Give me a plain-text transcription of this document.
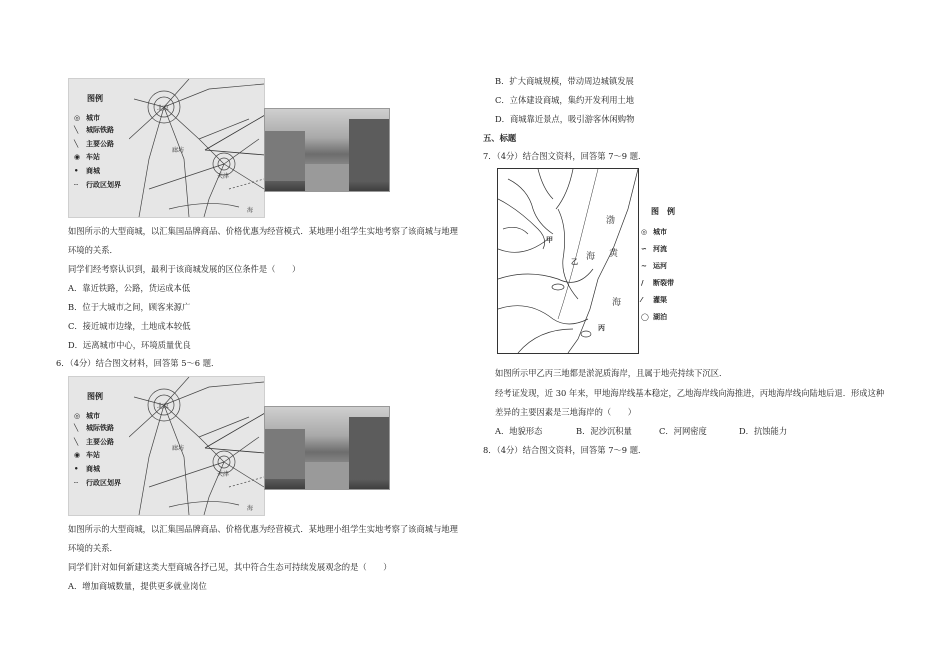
图例
◎ 城市
╲ 城际铁路
╲ 主要公路
◉ 车站
• 商城
┄ 行政区划界
北京
廊坊
天津
海
如图所示的大型商城，以汇集国品牌商品、价格优惠为经营模式．某地理小组学生实地考察了该商城与地理
环境的关系．
同学们经考察认识到，最利于该商城发展的区位条件是（　　）
A．靠近铁路，公路，货运成本低
B．位于大城市之间，顾客来源广
C．接近城市边缘，土地成本较低
D．远离城市中心，环境质量优良
6．（4分）结合图文材料，回答第 5～6 题．
图例
◎ 城市
╲ 城际铁路
╲ 主要公路
◉ 车站
• 商城
┄ 行政区划界
北京
廊坊
天津
海
如图所示的大型商城，以汇集国品牌商品、价格优惠为经营模式．某地理小组学生实地考察了该商城与地理
环境的关系．
同学们针对如何新建这类大型商城各抒己见，其中符合生态可持续发展观念的是（　　）
A．增加商城数量，提供更多就业岗位
B．扩大商城规模，带动周边城镇发展
C．立体建设商城，集约开发利用土地
D．商城靠近景点，吸引游客休闲购物
五、标题
7．（4分）结合图文资料，回答第 7～9 题．
渤
海
甲
乙
丙
黄
海
图　例
◎ 城市
∽ 河流
~ 运河
/ 断裂带
⁄ 灌渠
◯ 湖泊
如图所示甲乙丙三地都是淤泥质海岸，且属于地壳持续下沉区．
经考证发现，近 30 年来，甲地海岸线基本稳定，乙地海岸线向海推进，丙地海岸线向陆地后退．形成这种
差异的主要因素是三地海岸的（　　）
A．地貌形态	B．泥沙沉积量	C．河网密度	D．抗蚀能力
8．（4分）结合图文资料，回答第 7～9 题．
